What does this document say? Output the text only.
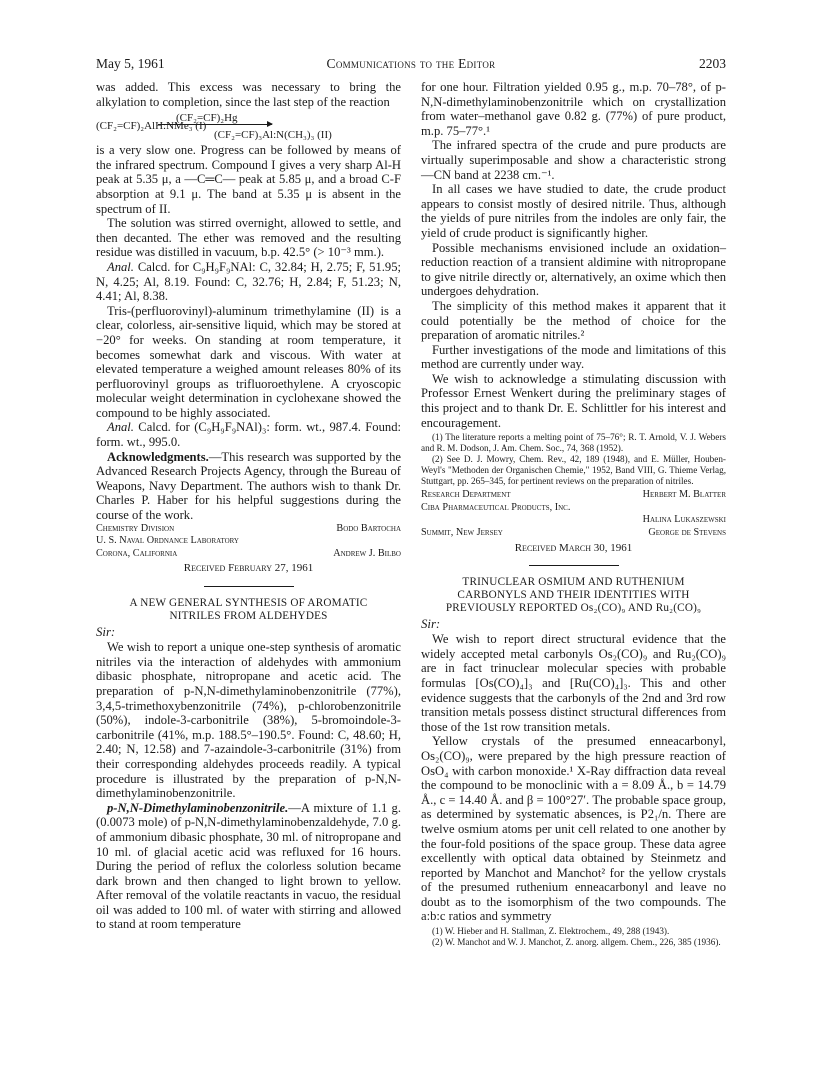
May 5, 1961	Communications to the Editor	2203

was added. This excess was necessary to bring the alkylation to completion, since the last step of the reaction

(CF₂=CF)₂AlH:NMe₃ (I)
(CF₂=CF)₂Hg
(CF₂=CF)₃Al:N(CH₃)₃ (II)

is a very slow one. Progress can be followed by means of the infrared spectrum. Compound I gives a very sharp Al-H peak at 5.35 μ, a —C═C— peak at 5.85 μ, and a broad C-F absorption at 9.1 μ. The band at 5.35 μ is absent in the spectrum of II.

The solution was stirred overnight, allowed to settle, and then decanted. The ether was removed and the resulting residue was distilled in vacuum, b.p. 42.5° (> 10⁻³ mm.).

Anal. Calcd. for C₉H₉F₉NAl: C, 32.84; H, 2.75; F, 51.95; N, 4.25; Al, 8.19. Found: C, 32.76; H, 2.84; F, 51.23; N, 4.41; Al, 8.38.

Tris-(perfluorovinyl)-aluminum trimethylamine (II) is a clear, colorless, air-sensitive liquid, which may be stored at −20° for weeks. On standing at room temperature, it becomes somewhat dark and viscous. With water at elevated temperature a weighed amount releases 80% of its perfluorovinyl groups as trifluoroethylene. A cryoscopic molecular weight determination in cyclohexane showed the compound to be highly associated.

Anal. Calcd. for (C₉H₉F₉NAl)₃: form. wt., 987.4. Found: form. wt., 995.0.

Acknowledgments.—This research was supported by the Advanced Research Projects Agency, through the Bureau of Weapons, Navy Department. The authors wish to thank Dr. Charles P. Haber for his helpful suggestions during the course of the work.

Chemistry Division	Bodo Bartocha
U. S. Naval Ordnance Laboratory
Corona, California	Andrew J. Bilbo

Received February 27, 1961

A NEW GENERAL SYNTHESIS OF AROMATIC NITRILES FROM ALDEHYDES

Sir:

We wish to report a unique one-step synthesis of aromatic nitriles via the interaction of aldehydes with ammonium dibasic phosphate, nitropropane and acetic acid. The preparation of p-N,N-dimethylaminobenzonitrile (77%), 3,4,5-trimethoxybenzonitrile (74%), p-chlorobenzonitrile (50%), indole-3-carbonitrile (38%), 5-bromoindole-3-carbonitrile (41%, m.p. 188.5°–190.5°. Found: C, 48.60; H, 2.40; N, 12.58) and 7-azaindole-3-carbonitrile (31%) from their corresponding aldehydes proceeds readily. A typical procedure is illustrated by the preparation of p-N,N-dimethylaminobenzonitrile.

p-N,N-Dimethylaminobenzonitrile.—A mixture of 1.1 g. (0.0073 mole) of p-N,N-dimethylaminobenzaldehyde, 7.0 g. of ammonium dibasic phosphate, 30 ml. of nitropropane and 10 ml. of glacial acetic acid was refluxed for 16 hours. During the period of reflux the colorless solution became dark brown and then changed to light brown to yellow. After removal of the volatile reactants in vacuo, the residual oil was added to 100 ml. of water with stirring and allowed to stand at room temperature

for one hour. Filtration yielded 0.95 g., m.p. 70–78°, of p-N,N-dimethylaminobenzonitrile which on crystallization from water–methanol gave 0.82 g. (77%) of pure product, m.p. 75–77°.¹

The infrared spectra of the crude and pure products are virtually superimposable and show a characteristic strong —CN band at 2238 cm.⁻¹.

In all cases we have studied to date, the crude product appears to consist mostly of desired nitrile. Thus, although the yields of pure nitriles from the indoles are only fair, the yield of crude product is significantly higher.

Possible mechanisms envisioned include an oxidation–reduction reaction of a transient aldimine with nitropropane to give nitrile directly or, alternatively, an oxime which then undergoes dehydration.

The simplicity of this method makes it apparent that it could potentially be the method of choice for the preparation of aromatic nitriles.²

Further investigations of the mode and limitations of this method are currently under way.

We wish to acknowledge a stimulating discussion with Professor Ernest Wenkert during the preliminary stages of this project and to thank Dr. E. Schlittler for his interest and encouragement.

(1) The literature reports a melting point of 75–76°; R. T. Arnold, V. J. Webers and R. M. Dodson, J. Am. Chem. Soc., 74, 368 (1952).

(2) See D. J. Mowry, Chem. Rev., 42, 189 (1948), and E. Müller, Houben-Weyl's "Methoden der Organischen Chemie," 1952, Band VIII, G. Thieme Verlag, Stuttgart, pp. 265–345, for pertinent reviews on the preparation of nitriles.

Research Department	Herbert M. Blatter
Ciba Pharmaceutical Products, Inc.
Halina Lukaszewski
Summit, New Jersey	George de Stevens

Received March 30, 1961

TRINUCLEAR OSMIUM AND RUTHENIUM CARBONYLS AND THEIR IDENTITIES WITH PREVIOUSLY REPORTED Os₂(CO)₉ AND Ru₂(CO)₉

Sir:

We wish to report direct structural evidence that the widely accepted metal carbonyls Os₂(CO)₉ and Ru₂(CO)₉ are in fact trinuclear molecular species with probable formulas [Os(CO)₄]₃ and [Ru(CO)₄]₃. This and other evidence suggests that the carbonyls of the 2nd and 3rd row transition metals possess distinct structural differences from those of the 1st row transition metals.

Yellow crystals of the presumed enneacarbonyl, Os₂(CO)₉, were prepared by the high pressure reaction of OsO₄ with carbon monoxide.¹ X-Ray diffraction data reveal the compound to be monoclinic with a = 8.09 Å., b = 14.79 Å., c = 14.40 Å. and β = 100°27′. The probable space group, as determined by systematic absences, is P2₁/n. There are twelve osmium atoms per unit cell related to one another by the four-fold positions of the space group. These data agree excellently with optical data obtained by Steinmetz and reported by Manchot and Manchot² for the yellow crystals of the presumed ruthenium enneacarbonyl and leave no doubt as to the isomorphism of the two compounds. The a:b:c ratios and symmetry

(1) W. Hieber and H. Stallman, Z. Elektrochem., 49, 288 (1943).

(2) W. Manchot and W. J. Manchot, Z. anorg. allgem. Chem., 226, 385 (1936).
